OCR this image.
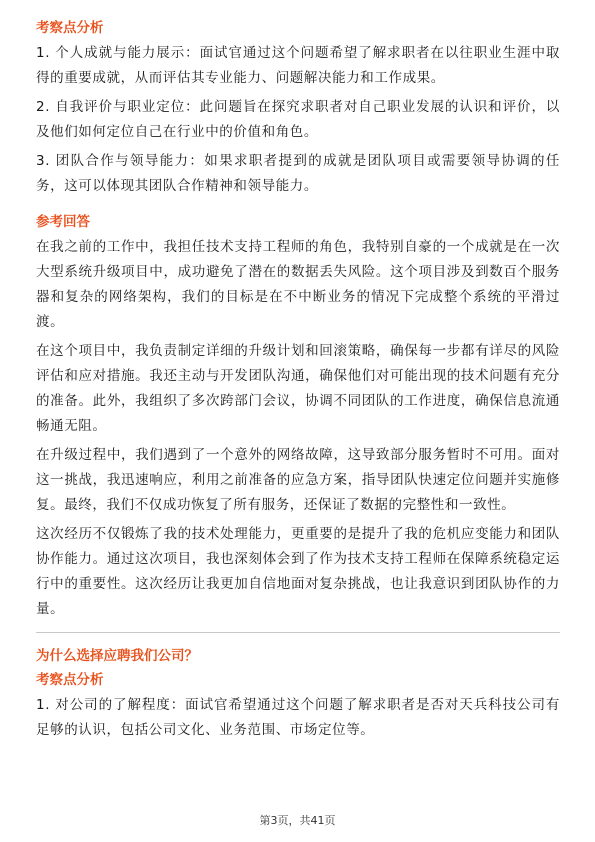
考察点分析

1. 个人成就与能力展示：面试官通过这个问题希望了解求职者在以往职业生涯中取得的重要成就，从而评估其专业能力、问题解决能力和工作成果。

2. 自我评价与职业定位：此问题旨在探究求职者对自己职业发展的认识和评价，以及他们如何定位自己在行业中的价值和角色。

3. 团队合作与领导能力：如果求职者提到的成就是团队项目或需要领导协调的任务，这可以体现其团队合作精神和领导能力。

参考回答

在我之前的工作中，我担任技术支持工程师的角色，我特别自豪的一个成就是在一次大型系统升级项目中，成功避免了潜在的数据丢失风险。这个项目涉及到数百个服务器和复杂的网络架构，我们的目标是在不中断业务的情况下完成整个系统的平滑过渡。

在这个项目中，我负责制定详细的升级计划和回滚策略，确保每一步都有详尽的风险评估和应对措施。我还主动与开发团队沟通，确保他们对可能出现的技术问题有充分的准备。此外，我组织了多次跨部门会议，协调不同团队的工作进度，确保信息流通畅通无阻。

在升级过程中，我们遇到了一个意外的网络故障，这导致部分服务暂时不可用。面对这一挑战，我迅速响应，利用之前准备的应急方案，指导团队快速定位问题并实施修复。最终，我们不仅成功恢复了所有服务，还保证了数据的完整性和一致性。

这次经历不仅锻炼了我的技术处理能力，更重要的是提升了我的危机应变能力和团队协作能力。通过这次项目，我也深刻体会到了作为技术支持工程师在保障系统稳定运行中的重要性。这次经历让我更加自信地面对复杂挑战，也让我意识到团队协作的力量。

为什么选择应聘我们公司？
考察点分析

1. 对公司的了解程度：面试官希望通过这个问题了解求职者是否对天兵科技公司有足够的认识，包括公司文化、业务范围、市场定位等。

第3页，共41页
